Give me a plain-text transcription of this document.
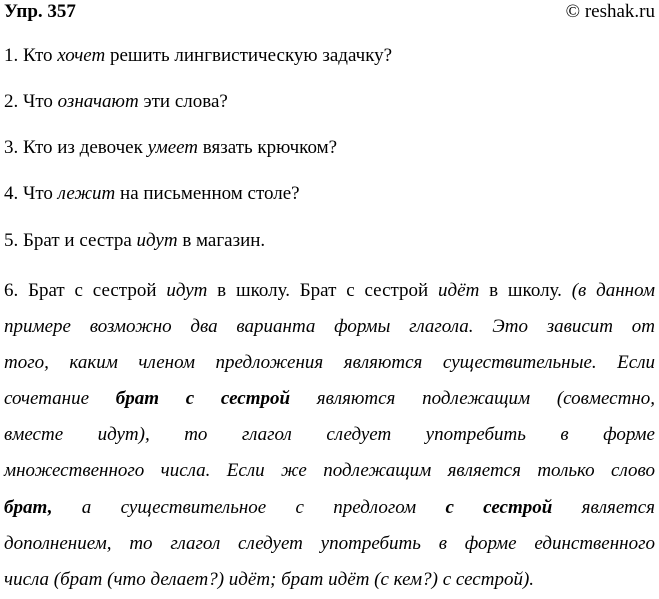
Упр. 357	© reshak.ru
1. Кто хочет решить лингвистическую задачку?
2. Что означают эти слова?
3. Кто из девочек умеет вязать крючком?
4. Что лежит на письменном столе?
5. Брат и сестра идут в магазин.
6. Брат с сестрой идут в школу. Брат с сестрой идёт в школу. (в данном
примере возможно два варианта формы глагола. Это зависит от
того, каким членом предложения являются существительные. Если
сочетание брат с сестрой являются подлежащим (совместно,
вместе идут), то глагол следует употребить в форме
множественного числа. Если же подлежащим является только слово
брат, а существительное с предлогом с сестрой является
дополнением, то глагол следует употребить в форме единственного
числа (брат (что делает?) идёт; брат идёт (с кем?) с сестрой).
